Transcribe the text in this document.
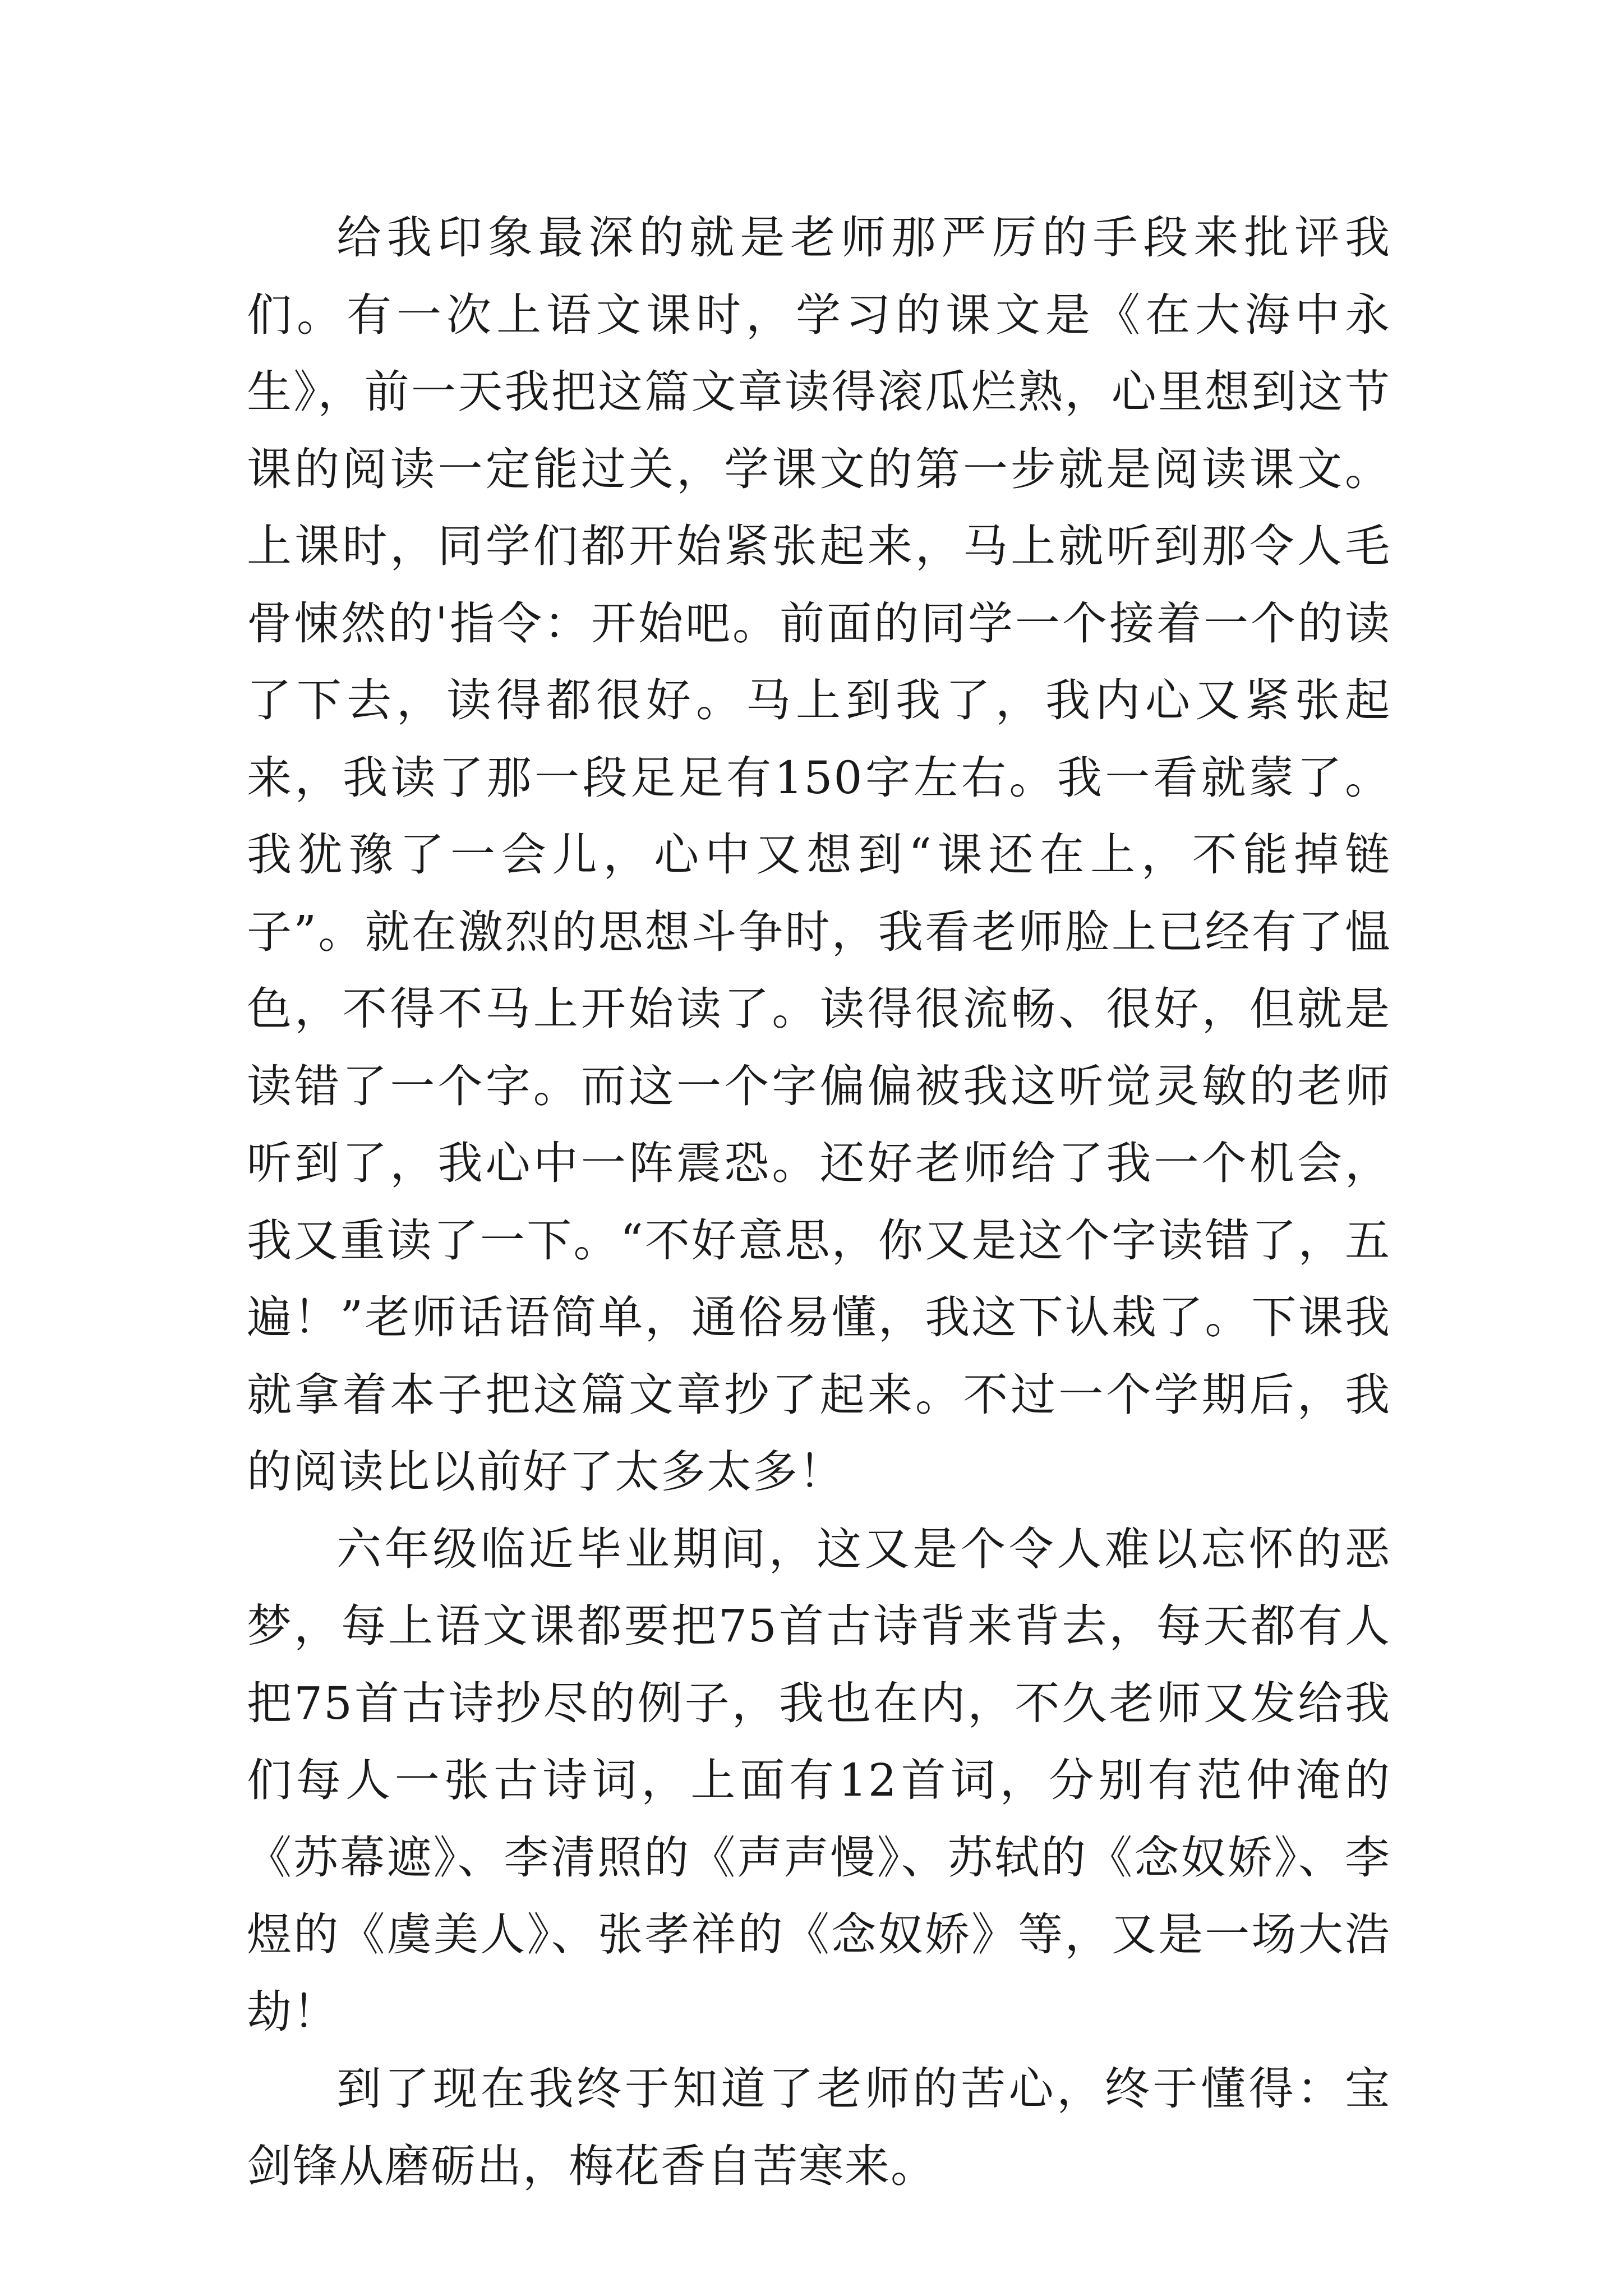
给我印象最深的就是老师那严厉的手段来批评我们。有一次上语文课时，学习的课文是《在大海中永生》，前一天我把这篇文章读得滚瓜烂熟，心里想到这节课的阅读一定能过关，学课文的第一步就是阅读课文。上课时，同学们都开始紧张起来，马上就听到那令人毛骨悚然的'指令：开始吧。前面的同学一个接着一个的读了下去，读得都很好。马上到我了，我内心又紧张起来，我读了那一段足足有150字左右。我一看就蒙了。我犹豫了一会儿，心中又想到“课还在上，不能掉链子”。就在激烈的思想斗争时，我看老师脸上已经有了愠色，不得不马上开始读了。读得很流畅、很好，但就是读错了一个字。而这一个字偏偏被我这听觉灵敏的老师听到了，我心中一阵震恐。还好老师给了我一个机会，我又重读了一下。“不好意思，你又是这个字读错了，五遍！”老师话语简单，通俗易懂，我这下认栽了。下课我就拿着本子把这篇文章抄了起来。不过一个学期后，我的阅读比以前好了太多太多！

六年级临近毕业期间，这又是个令人难以忘怀的恶梦，每上语文课都要把75首古诗背来背去，每天都有人把75首古诗抄尽的例子，我也在内，不久老师又发给我们每人一张古诗词，上面有12首词，分别有范仲淹的《苏幕遮》、李清照的《声声慢》、苏轼的《念奴娇》、李煜的《虞美人》、张孝祥的《念奴娇》等，又是一场大浩劫！

到了现在我终于知道了老师的苦心，终于懂得：宝剑锋从磨砺出，梅花香自苦寒来。
